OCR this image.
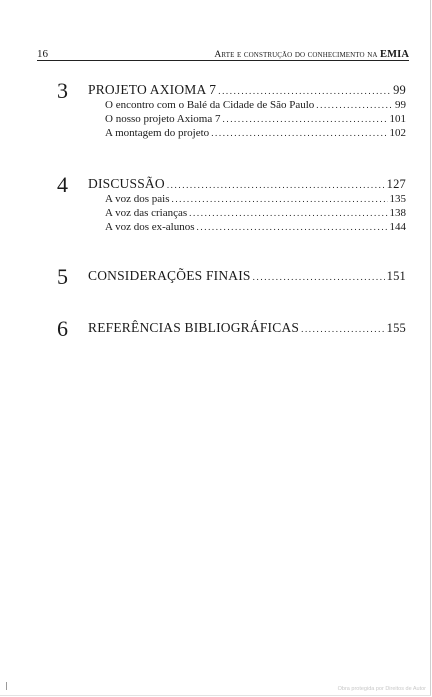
16	Arte e construção do conhecimento na EMIA
3 PROJETO AXIOMA 7 .....	99
O encontro com o Balé da Cidade de São Paulo .....	99
O nosso projeto Axioma 7 .....	101
A montagem do projeto .....	102
4 DISCUSSÃO .....	127
A voz dos pais .....	135
A voz das crianças .....	138
A voz dos ex-alunos .....	144
5 CONSIDERAÇÕES FINAIS .....	151
6 REFERÊNCIAS BIBLIOGRÁFICAS .....	155
Obra protegida por Direitos de Autor
